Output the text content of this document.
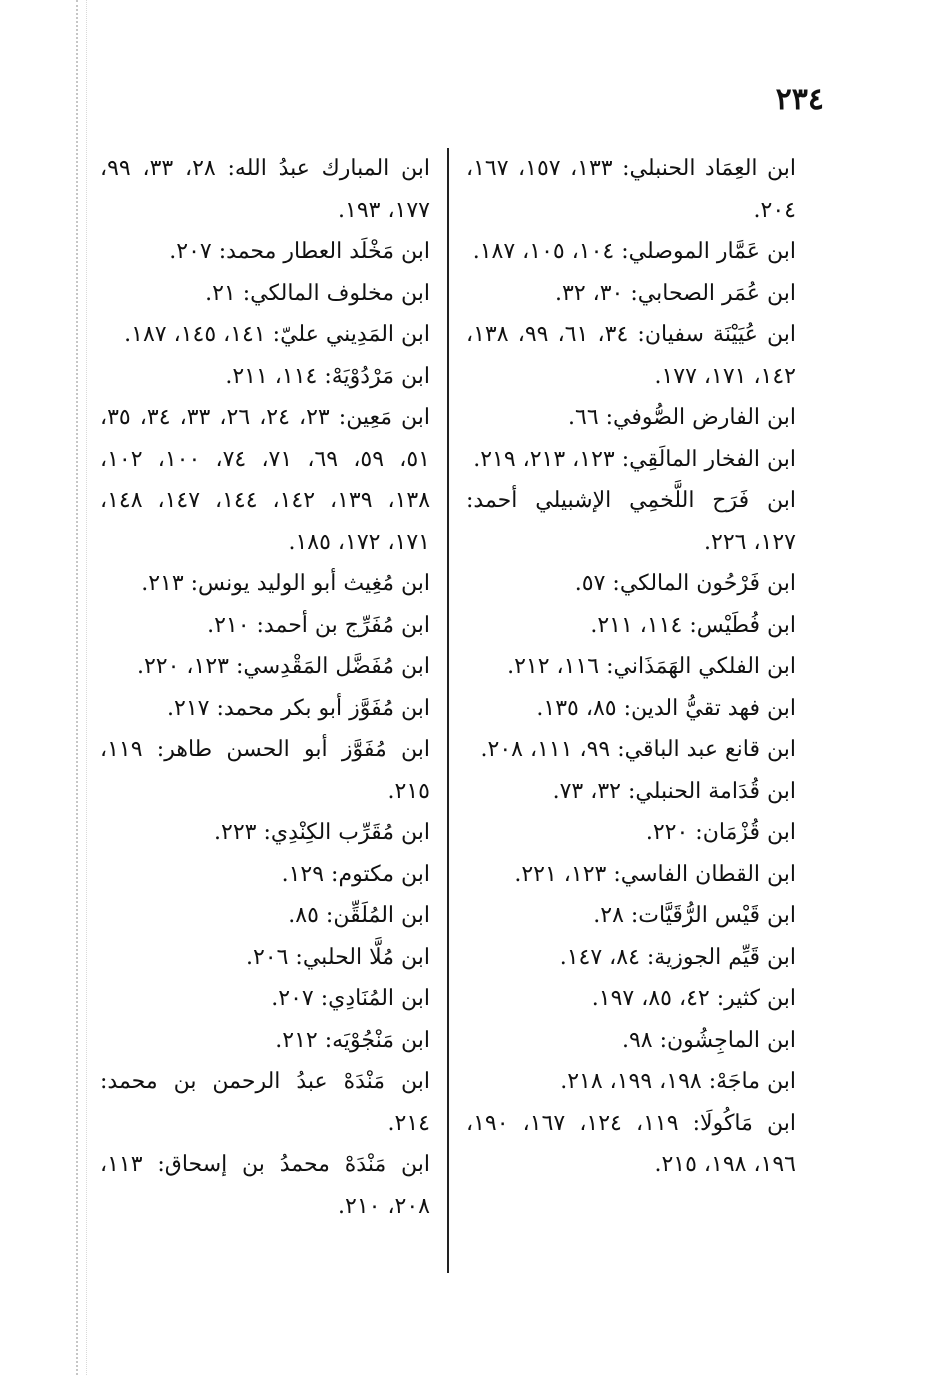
٢٣٤

ابن العِمَاد الحنبلي: ١٣٣، ١٥٧، ١٦٧، ٢٠٤.

ابن عَمَّار الموصلي: ١٠٤، ١٠٥، ١٨٧.

ابن عُمَر الصحابي: ٣٠، ٣٢.

ابن عُيَيْنَة سفيان: ٣٤، ٦١، ٩٩، ١٣٨، ١٤٢، ١٧١، ١٧٧.

ابن الفارض الصُّوفي: ٦٦.

ابن الفخار المالَقِي: ١٢٣، ٢١٣، ٢١٩.

ابن فَرَح اللَّخمِي الإشبيلي أحمد: ١٢٧، ٢٢٦.

ابن فَرْحُون المالكي: ٥٧.

ابن فُطَيْس: ١١٤، ٢١١.

ابن الفلكي الهَمَذَاني: ١١٦، ٢١٢.

ابن فهد تقيُّ الدين: ٨٥، ١٣٥.

ابن قانع عبد الباقي: ٩٩، ١١١، ٢٠٨.

ابن قُدَامة الحنبلي: ٣٢، ٧٣.

ابن قُزْمَان: ٢٢٠.

ابن القطان الفاسي: ١٢٣، ٢٢١.

ابن قَيْس الرُّقَيَّات: ٢٨.

ابن قَيِّم الجوزية: ٨٤، ١٤٧.

ابن كثير: ٤٢، ٨٥، ١٩٧.

ابن الماجِشُون: ٩٨.

ابن ماجَهْ: ١٩٨، ١٩٩، ٢١٨.

ابن مَاكُولَا: ١١٩، ١٢٤، ١٦٧، ١٩٠، ١٩٦، ١٩٨، ٢١٥.

ابن المبارك عبدُ الله: ٢٨، ٣٣، ٩٩، ١٧٧، ١٩٣.

ابن مَخْلَد العطار محمد: ٢٠٧.

ابن مخلوف المالكي: ٢١.

ابن المَدِيني عليّ: ١٤١، ١٤٥، ١٨٧.

ابن مَرْدُوْيَهْ: ١١٤، ٢١١.

ابن مَعِين: ٢٣، ٢٤، ٢٦، ٣٣، ٣٤، ٣٥، ٥١، ٥٩، ٦٩، ٧١، ٧٤، ١٠٠، ١٠٢، ١٣٨، ١٣٩، ١٤٢، ١٤٤، ١٤٧، ١٤٨، ١٧١، ١٧٢، ١٨٥.

ابن مُغِيث أبو الوليد يونس: ٢١٣.

ابن مُفَرِّج بن أحمد: ٢١٠.

ابن مُفَضَّل المَقْدِسي: ١٢٣، ٢٢٠.

ابن مُفَوَّز أبو بكر محمد: ٢١٧.

ابن مُفَوَّز أبو الحسن طاهر: ١١٩، ٢١٥.

ابن مُقَرِّب الكِنْدِي: ٢٢٣.

ابن مكتوم: ١٢٩.

ابن المُلَقِّن: ٨٥.

ابن مُلَّا الحلبي: ٢٠٦.

ابن المُنَادِي: ٢٠٧.

ابن مَنْجُوْيَه: ٢١٢.

ابن مَنْدَهْ عبدُ الرحمن بن محمد: ٢١٤.

ابن مَنْدَهْ محمدُ بن إسحاق: ١١٣، ٢٠٨، ٢١٠.
